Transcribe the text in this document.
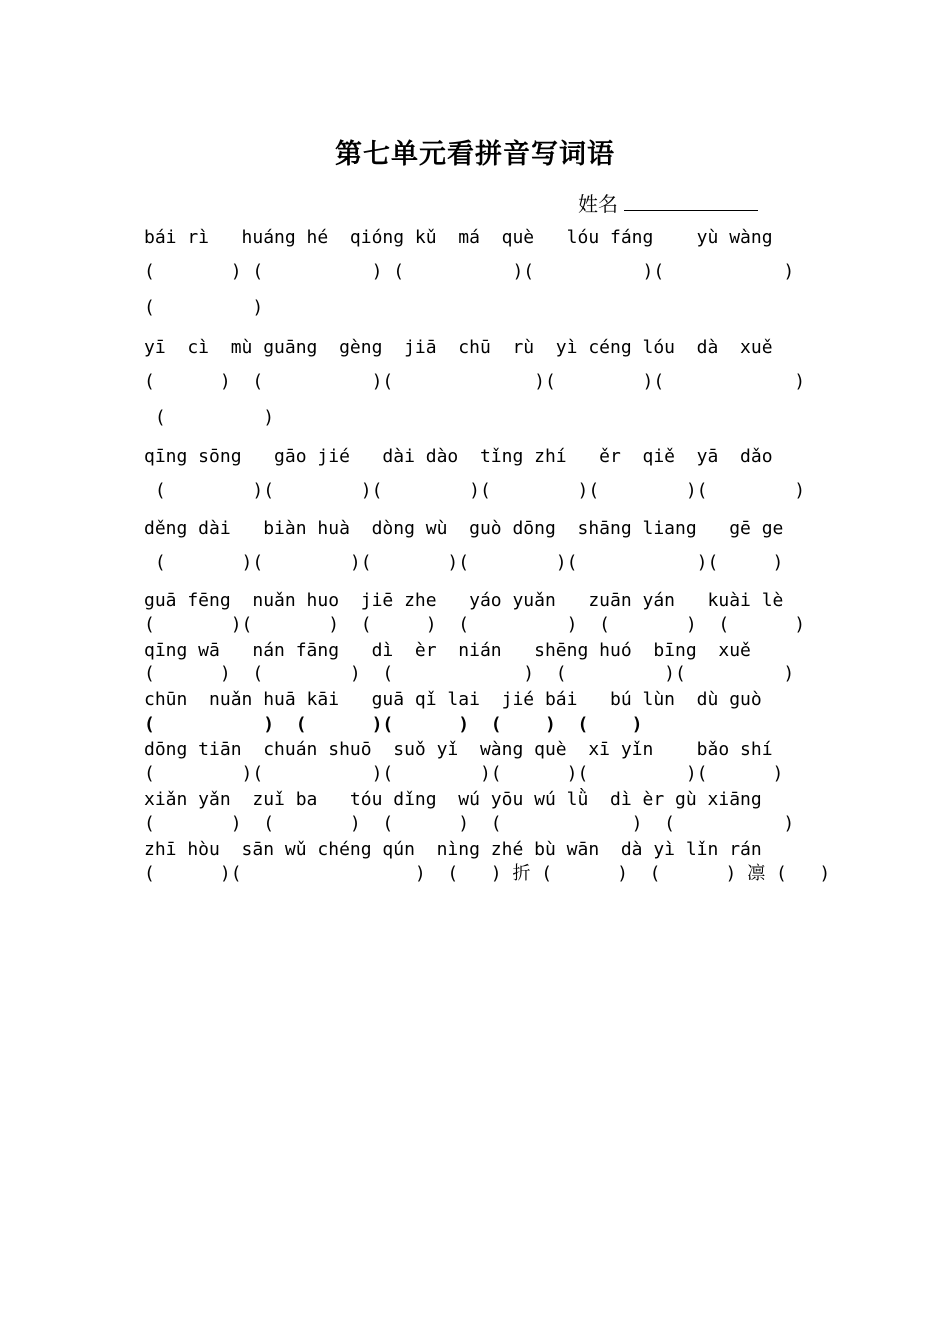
第七单元看拼音写词语
姓名
bái rì   huáng hé  qióng kǔ  má  què   lóu fáng    yù wàng
(       ) (          ) (          )(          )(           )
(         )
yī  cì  mù guāng  gèng  jiā  chū  rù  yì céng lóu  dà  xuě
(      )  (          )(             )(        )(            )
(         )
qīng sōng   gāo jié   dài dào  tǐng zhí   ěr  qiě  yā  dǎo
(        )(        )(        )(        )(        )(        )
děng dài   biàn huà  dòng wù  guò dōng  shāng liang   gē ge
(       )(        )(       )(        )(           )(     )
guā fēng  nuǎn huo  jiē zhe   yáo yuǎn   zuān yán   kuài lè
(       )(       )  (     )  (         )  (       )  (      )
qīng wā   nán fāng   dì  èr  nián   shēng huó  bīng  xuě
(      )  (        )  (            )  (         )(         )
chūn  nuǎn huā kāi   guā qǐ lai  jié bái   bú lùn  dù guò
(          )  (      )(      )  (    )  (    )
dōng tiān  chuán shuō  suǒ yǐ  wàng què  xī yǐn    bǎo shí
(        )(          )(        )(      )(         )(      )
xiǎn yǎn  zuǐ ba   tóu dǐng  wú yōu wú lǜ  dì èr gù xiāng
(       )  (       )  (      )  (            )  (          )
zhī hòu  sān wǔ chéng qún  nìng zhé bù wān  dà yì lǐn rán
(      )(                )  (   ) 折 (      )  (      ) 凛 (   )
